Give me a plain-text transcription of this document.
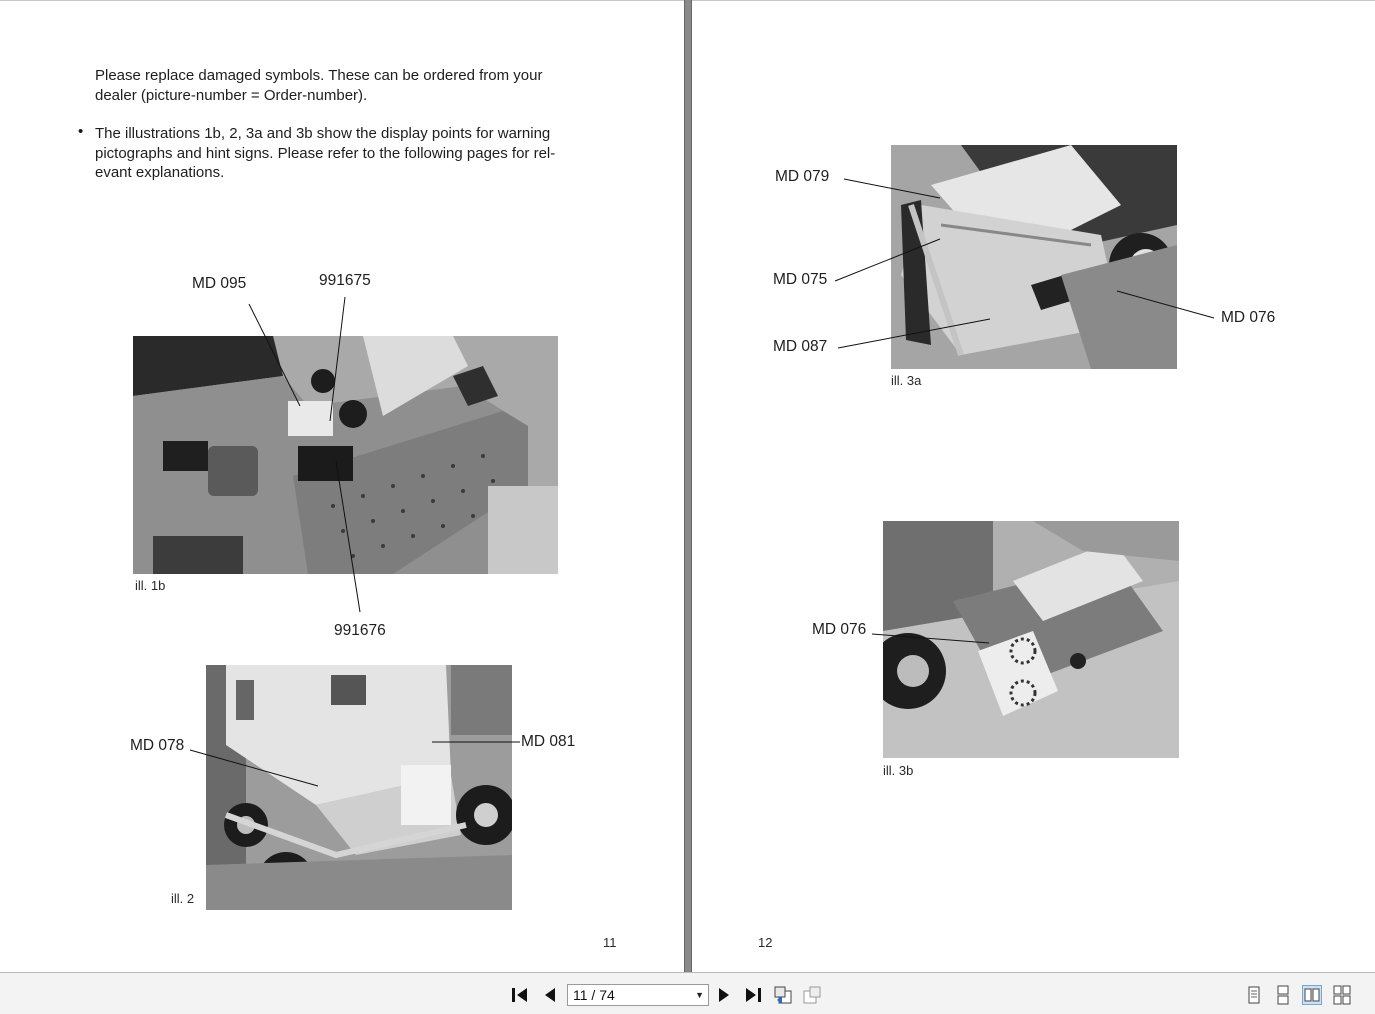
Please replace damaged symbols. These can be ordered from your
dealer (picture-number = Order-number).
• The illustrations 1b, 2, 3a and 3b show the display points for warning
pictographs and hint signs. Please refer to the following pages for rel-
evant explanations.
ill. 1b
ill. 2
MD 095	991675
991676
MD 078	MD 081
11
ill. 3a
ill. 3b
MD 079
MD 075
MD 087
MD 076
MD 076
12
11 / 74	▼
